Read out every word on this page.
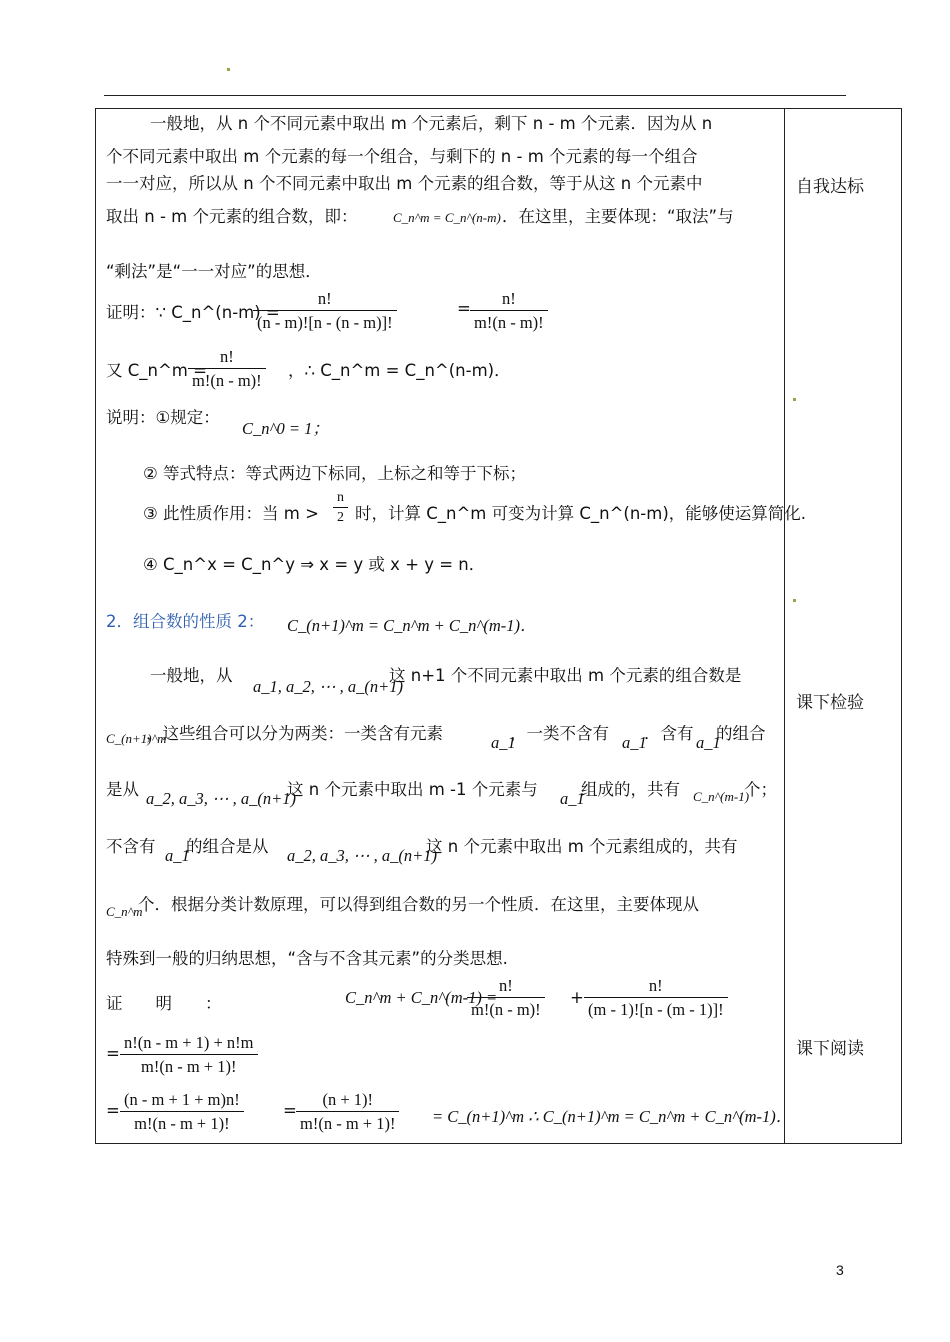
自我达标
课下检验
课下阅读
一般地，从 n 个不同元素中取出 m 个元素后，剩下 n - m 个元素．因为从 n
个不同元素中取出 m 个元素的每一个组合，与剩下的 n - m 个元素的每一个组合
一一对应，所以从 n 个不同元素中取出 m 个元素的组合数，等于从这 n 个元素中
取出 n - m 个元素的组合数，即：	C_n^m = C_n^(n-m) ．在这里，主要体现：“取法”与
“剩法”是“一一对应”的思想．
证明：∵ C_n^(n-m) =
$\frac{n!}{(n - m)![n - (n - m)]!}$	= $\frac{n!}{m!(n - m)!}$
又 C_n^m =
$\frac{n!}{m!(n - m)!}$ ，∴ C_n^m = C_n^(n-m)．
说明：①规定：
C_n^0 = 1；
② 等式特点：等式两边下标同，上标之和等于下标；
③ 此性质作用：当 $m > \frac{n}{2}$ 时，计算 C_n^m 可变为计算 C_n^(n-m)，能够使运算简化.
④ C_n^x = C_n^y ⇒ x = y 或 x + y = n．
2．组合数的性质 2： C_(n+1)^m = C_n^m + C_n^(m-1)．
一般地，从
a_1, a_2, ⋯ , a_(n+1)
这 n+1 个不同元素中取出 m 个元素的组合数是
C_(n+1)^m
，这些组合可以分为两类：一类含有元素	a_1
，一类不含有 a_1
．含有 a_1
的组合
是从 a_2, a_3, ⋯ , a_(n+1)
这 n 个元素中取出 m -1 个元素与 a_1
组成的，共有 C_n^(m-1)
个；
不含有 a_1
的组合是从 a_2, a_3, ⋯ , a_(n+1)
这 n 个元素中取出 m 个元素组成的，共有
C_n^m
个．根据分类计数原理，可以得到组合数的另一个性质．在这里，主要体现从
特殊到一般的归纳思想，“含与不含其元素”的分类思想.
证　　明　　：	C_n^m + C_n^(m-1) =
$\frac{n!}{m!(n - m)!} + \frac{n!}{(m - 1)![n - (m - 1)]!}$
= $\frac{n!(n - m + 1) + n!m}{m!(n - m + 1)!}$
= $\frac{(n - m + 1 + m)n!}{m!(n - m + 1)!} = \frac{(n + 1)!}{m!(n - m + 1)!}$ = C_(n+1)^m ∴ C_(n+1)^m = C_n^m + C_n^(m-1)．
3
